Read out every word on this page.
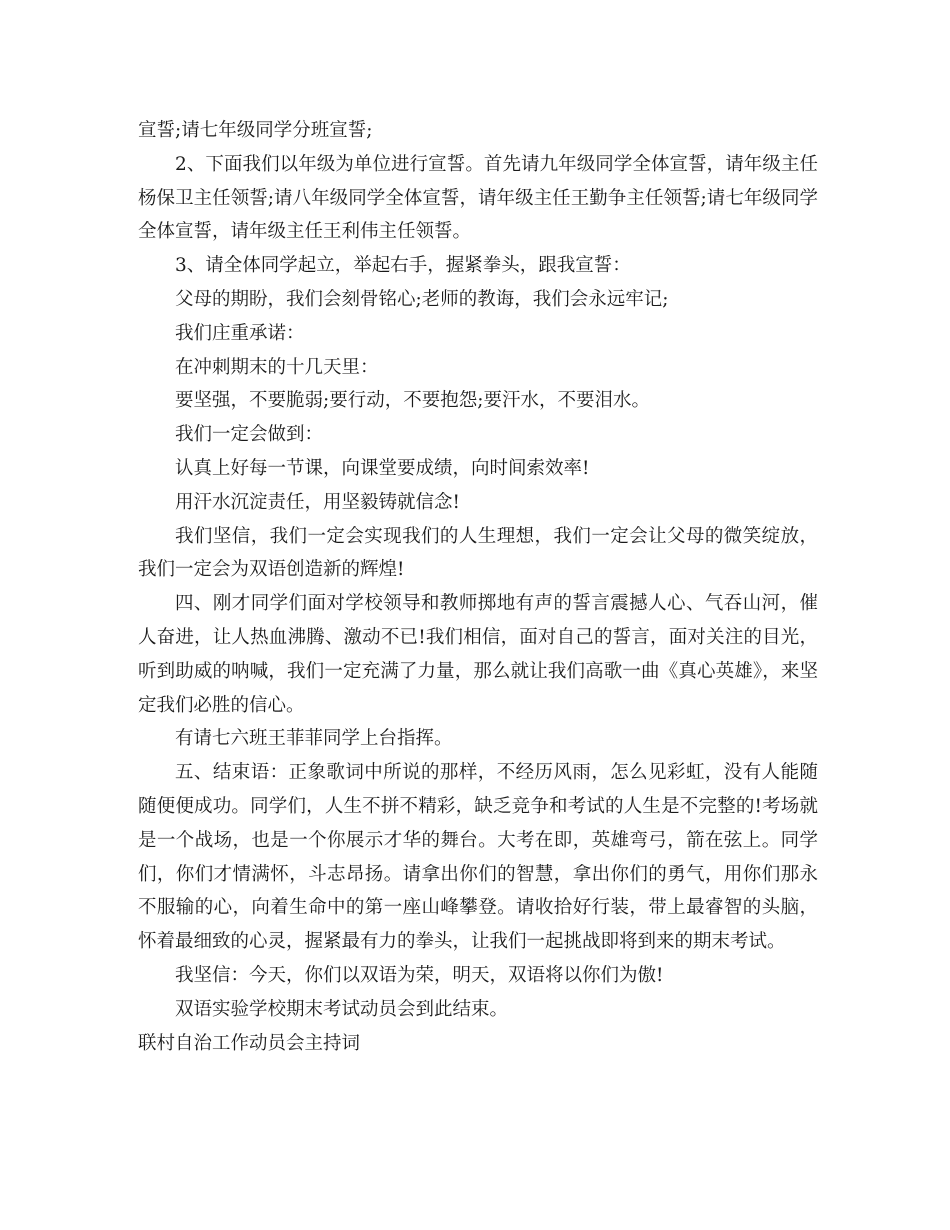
宣誓;请七年级同学分班宣誓;

2、下面我们以年级为单位进行宣誓。首先请九年级同学全体宣誓，请年级主任杨保卫主任领誓;请八年级同学全体宣誓，请年级主任王勤争主任领誓;请七年级同学全体宣誓，请年级主任王利伟主任领誓。

3、请全体同学起立，举起右手，握紧拳头，跟我宣誓：

父母的期盼，我们会刻骨铭心;老师的教诲，我们会永远牢记;

我们庄重承诺：

在冲刺期末的十几天里：

要坚强，不要脆弱;要行动，不要抱怨;要汗水，不要泪水。

我们一定会做到：

认真上好每一节课，向课堂要成绩，向时间索效率!

用汗水沉淀责任，用坚毅铸就信念!

我们坚信，我们一定会实现我们的人生理想，我们一定会让父母的微笑绽放，我们一定会为双语创造新的辉煌!

四、刚才同学们面对学校领导和教师掷地有声的誓言震撼人心、气吞山河，催人奋进，让人热血沸腾、激动不已!我们相信，面对自己的誓言，面对关注的目光，听到助威的呐喊，我们一定充满了力量，那么就让我们高歌一曲《真心英雄》，来坚定我们必胜的信心。

有请七六班王菲菲同学上台指挥。

五、结束语：正象歌词中所说的那样，不经历风雨，怎么见彩虹，没有人能随随便便成功。同学们，人生不拼不精彩，缺乏竞争和考试的人生是不完整的!考场就是一个战场，也是一个你展示才华的舞台。大考在即，英雄弯弓，箭在弦上。同学们，你们才情满怀，斗志昂扬。请拿出你们的智慧，拿出你们的勇气，用你们那永不服输的心，向着生命中的第一座山峰攀登。请收拾好行装，带上最睿智的头脑，怀着最细致的心灵，握紧最有力的拳头，让我们一起挑战即将到来的期末考试。

我坚信：今天，你们以双语为荣，明天，双语将以你们为傲!

双语实验学校期末考试动员会到此结束。

联村自治工作动员会主持词
